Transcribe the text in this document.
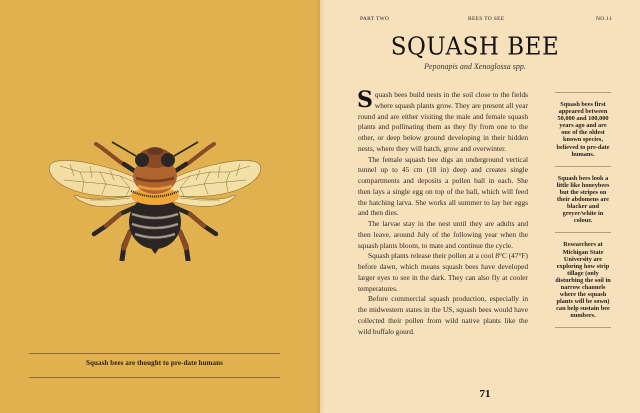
Squash bees are thought to pre-date humans
PART TWO	BEES TO SEE	NO.11
SQUASH BEE
Peponapis and Xenoglossa spp.

Squash bees build nests in the soil close to the fields where squash plants grow. They are present all year round and are either visiting the male and female squash plants and pollinating them as they fly from one to the other, or deep below ground developing in their hidden nests, where they will hatch, grow and overwinter.

The female squash bee digs an underground vertical tunnel up to 45 cm (18 in) deep and creates single compartments and deposits a pollen ball in each. She then lays a single egg on top of the ball, which will feed the hatching larva. She works all summer to lay her eggs and then dies.

The larvae stay in the nest until they are adults and then leave, around July of the following year when the squash plants bloom, to mate and continue the cycle.

Squash plants release their pollen at a cool 8°C (47°F) before dawn, which means squash bees have developed larger eyes to see in the dark. They can also fly at cooler temperatures.

Before commercial squash production, especially in the midwestern states in the US, squash bees would have collected their pollen from wild native plants like the wild buffalo gourd.

Squash bees first appeared between 50,000 and 100,000 years ago and are one of the oldest known species, believed to pre-date humans.
Squash bees look a little like honeybees but the stripes on their abdomens are blacker and greyer/white in colour.
Researchers at Michigan State University are exploring how strip tillage (only disturbing the soil in narrow channels where the squash plants will be sown) can help sustain bee numbers.
71
